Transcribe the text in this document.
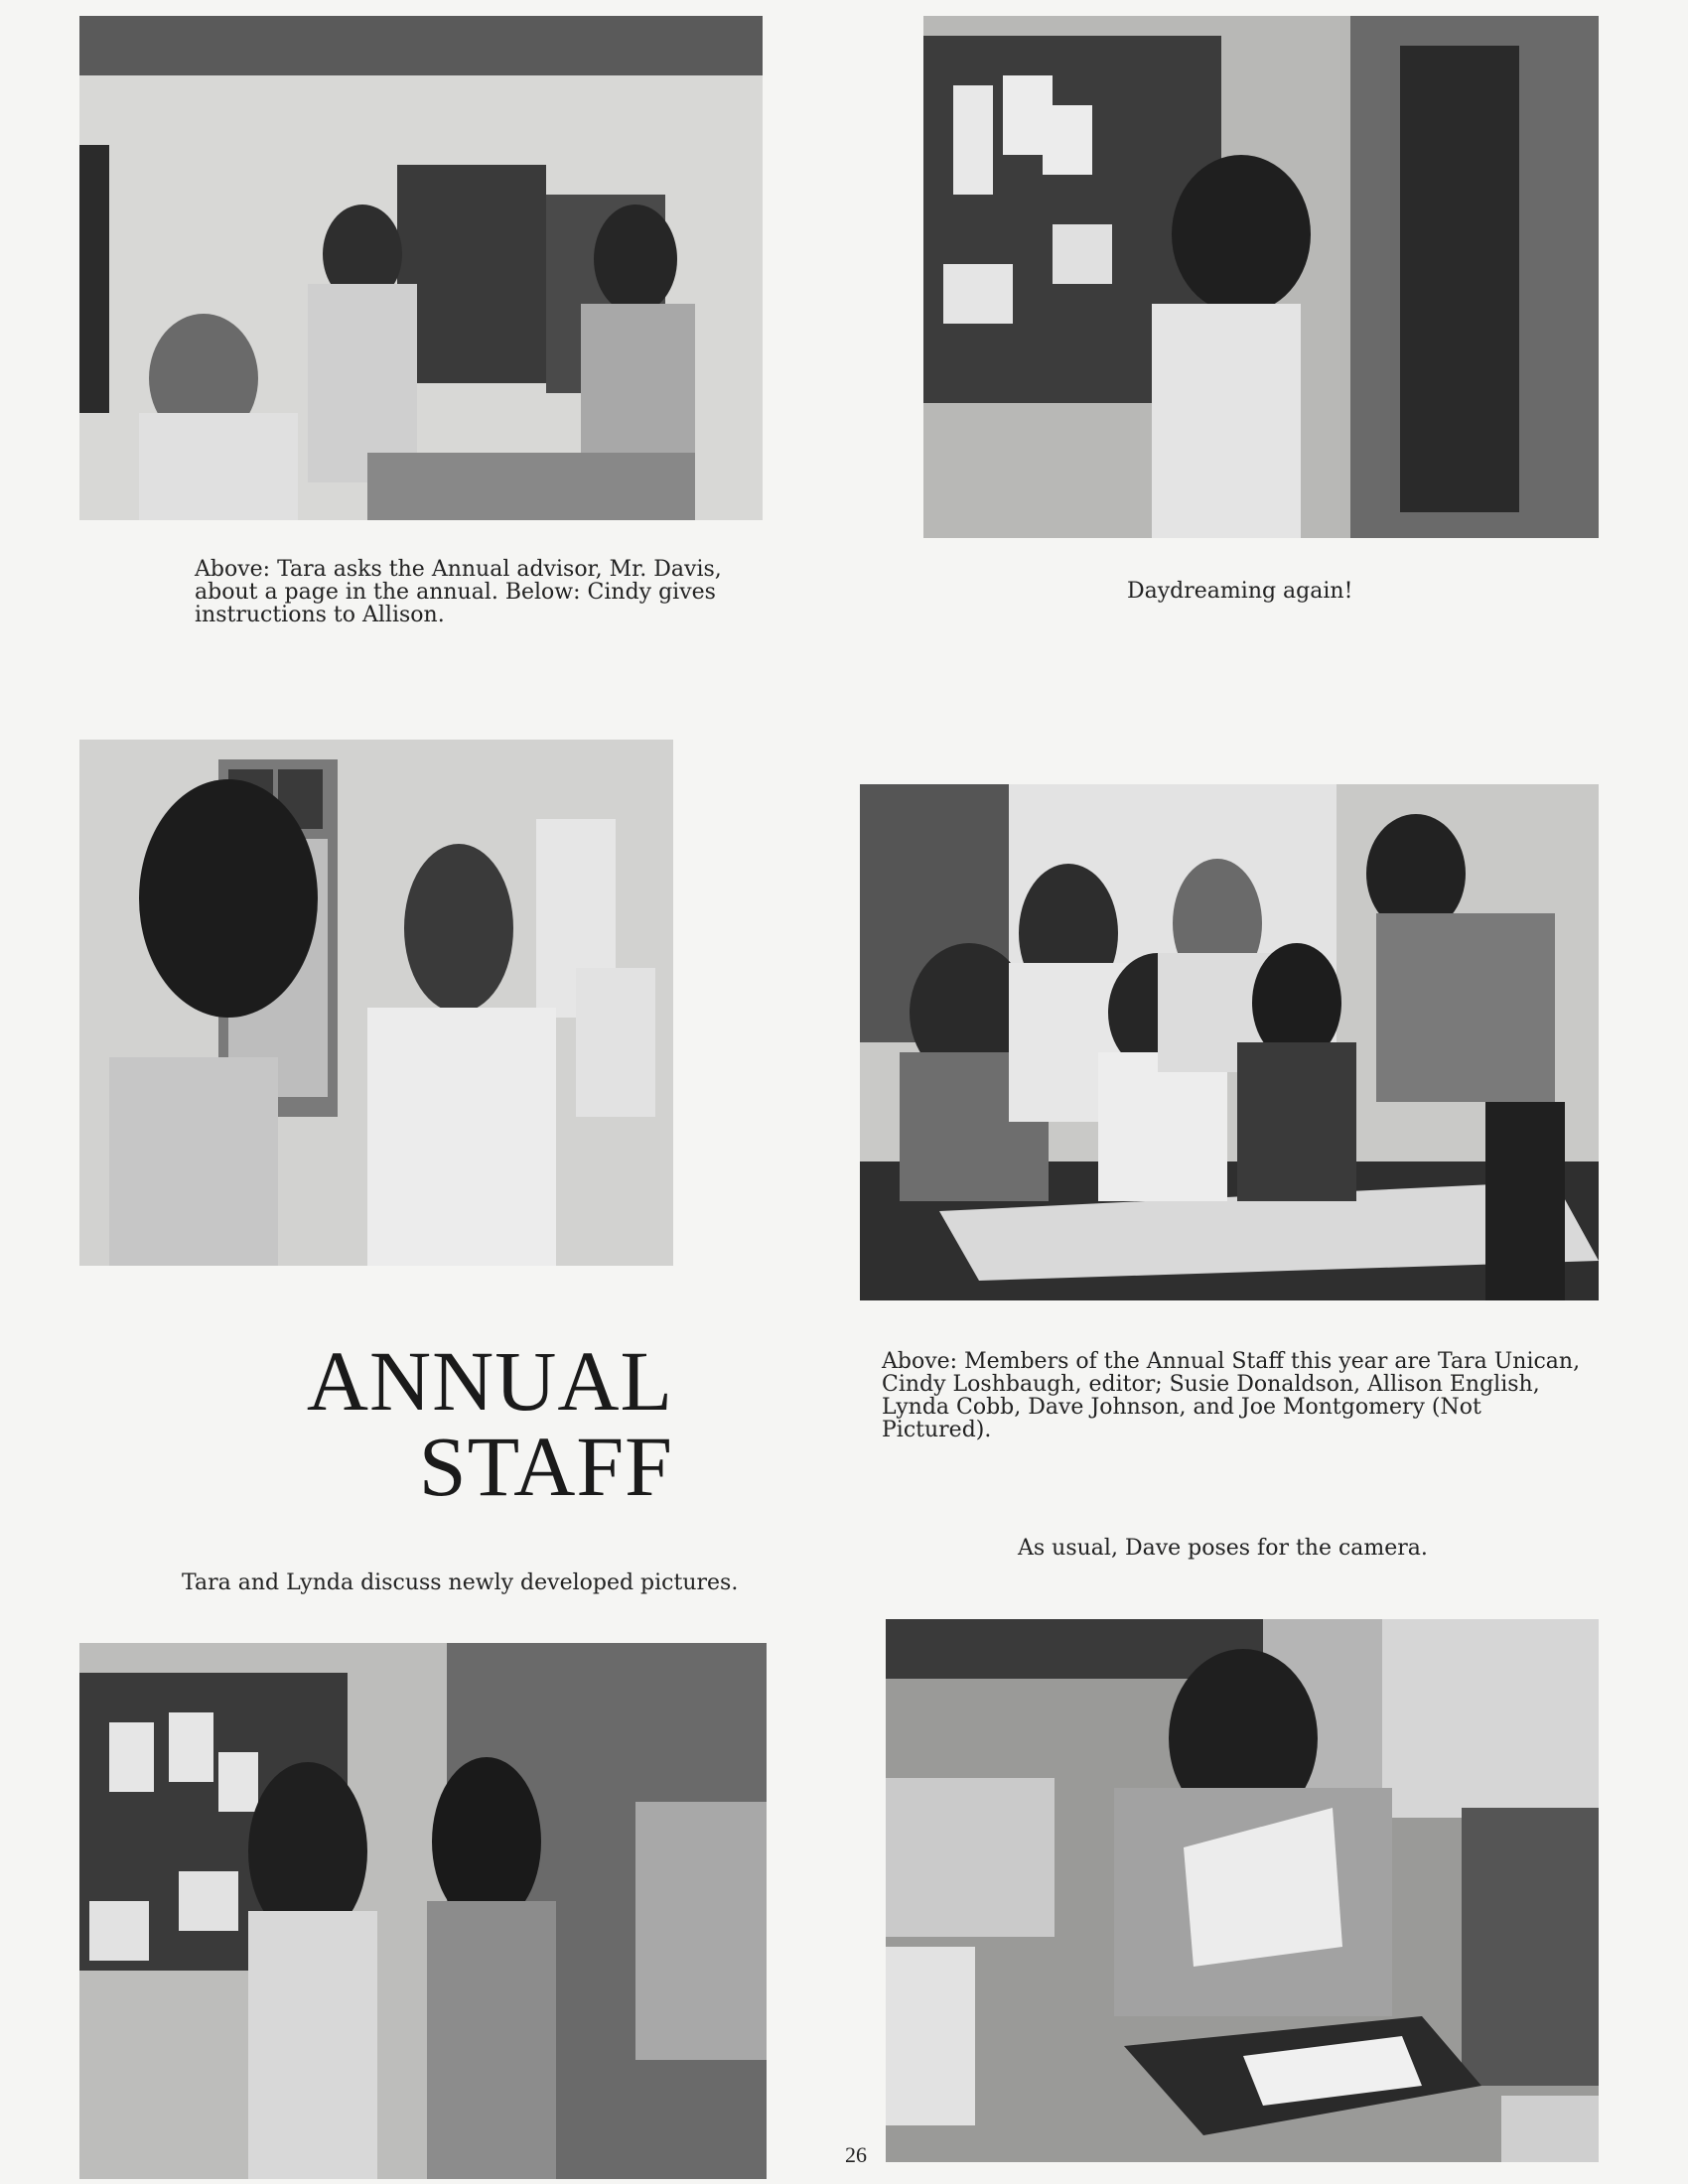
Above: Tara asks the Annual advisor, Mr. Davis, about a page in the annual. Below: Cindy gives instructions to Allison.
Daydreaming again!
ANNUAL
STAFF
Above: Members of the Annual Staff this year are Tara Unican, Cindy Loshbaugh, editor; Susie Donaldson, Allison English, Lynda Cobb, Dave Johnson, and Joe Montgomery (Not Pictured).
As usual, Dave poses for the camera.
Tara and Lynda discuss newly developed pictures.
26
